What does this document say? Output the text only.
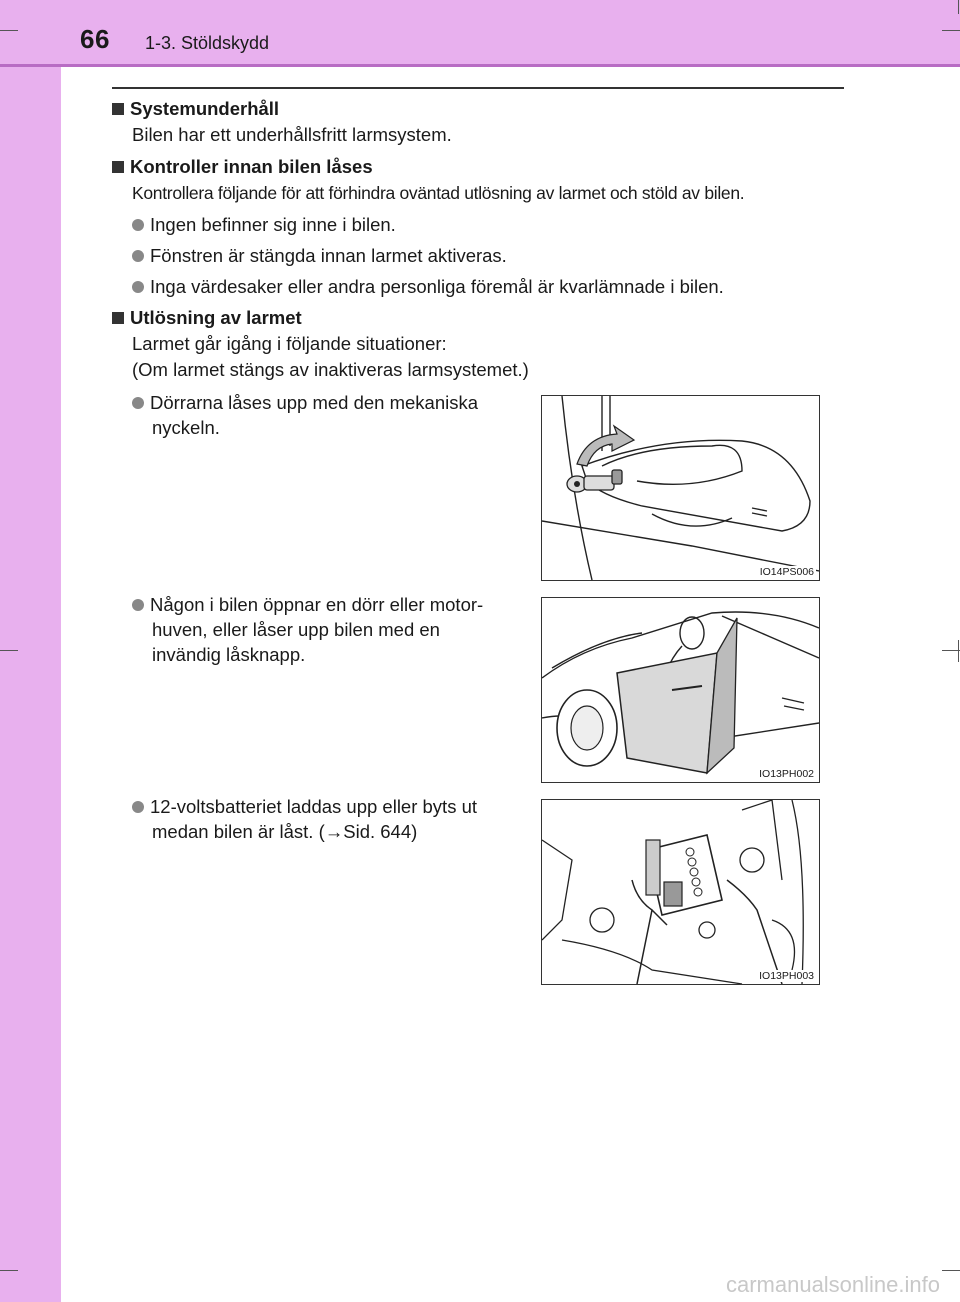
66 1-3. Stöldskydd
Systemunderhåll
Bilen har ett underhållsfritt larmsystem.
Kontroller innan bilen låses
Kontrollera följande för att förhindra oväntad utlösning av larmet och stöld av bilen.
Ingen befinner sig inne i bilen.
Fönstren är stängda innan larmet aktiveras.
Inga värdesaker eller andra personliga föremål är kvarlämnade i bilen.
Utlösning av larmet
Larmet går igång i följande situationer:
(Om larmet stängs av inaktiveras larmsystemet.)
Dörrarna låses upp med den mekaniska
nyckeln.
IO14PS006
Någon i bilen öppnar en dörr eller motor-
huven, eller låser upp bilen med en
invändig låsknapp.
IO13PH002
12-voltsbatteriet laddas upp eller byts ut
medan bilen är låst. (→Sid. 644)
IO13PH003
carmanualsonline.info
